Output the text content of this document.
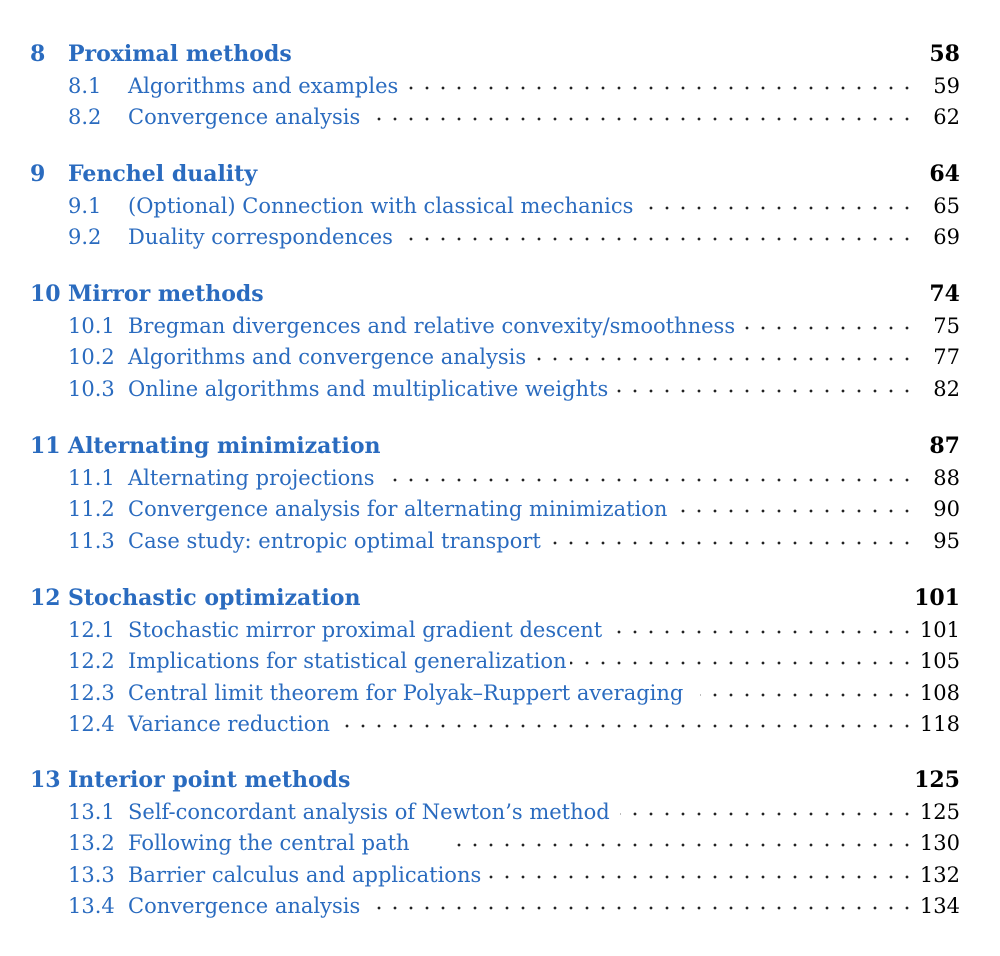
8 Proximal methods	58
8.1 Algorithms and examples	59
8.2 Convergence analysis	62
9 Fenchel duality	64
9.1 (Optional) Connection with classical mechanics	65
9.2 Duality correspondences	69
10 Mirror methods	74
10.1 Bregman divergences and relative convexity/smoothness	75
10.2 Algorithms and convergence analysis	77
10.3 Online algorithms and multiplicative weights	82
11 Alternating minimization	87
11.1 Alternating projections	88
11.2 Convergence analysis for alternating minimization	90
11.3 Case study: entropic optimal transport	95
12 Stochastic optimization	101
12.1 Stochastic mirror proximal gradient descent	101
12.2 Implications for statistical generalization	105
12.3 Central limit theorem for Polyak–Ruppert averaging	108
12.4 Variance reduction	118
13 Interior point methods	125
13.1 Self-concordant analysis of Newton’s method	125
13.2 Following the central path	130
13.3 Barrier calculus and applications	132
13.4 Convergence analysis	134
